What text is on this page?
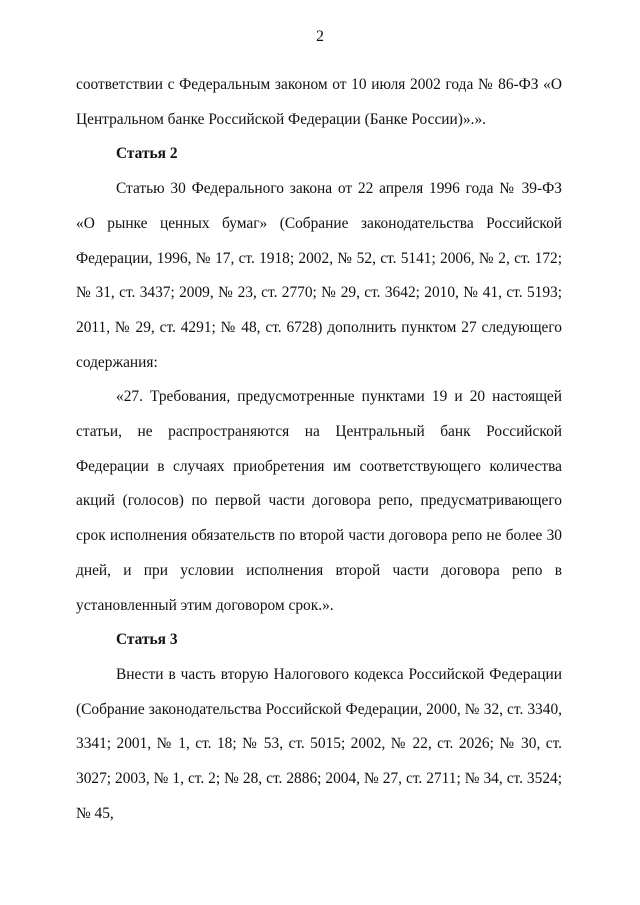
2

соответствии с Федеральным законом от 10 июля 2002 года № 86-ФЗ «О Центральном банке Российской Федерации (Банке России)».».

Статья 2

Статью 30 Федерального закона от 22 апреля 1996 года № 39-ФЗ «О рынке ценных бумаг» (Собрание законодательства Российской Федерации, 1996, № 17, ст. 1918; 2002, № 52, ст. 5141; 2006, № 2, ст. 172; № 31, ст. 3437; 2009, № 23, ст. 2770; № 29, ст. 3642; 2010, № 41, ст. 5193; 2011, № 29, ст. 4291; № 48, ст. 6728) дополнить пунктом 27 следующего содержания:

«27. Требования, предусмотренные пунктами 19 и 20 настоящей статьи, не распространяются на Центральный банк Российской Федерации в случаях приобретения им соответствующего количества акций (голосов) по первой части договора репо, предусматривающего срок исполнения обязательств по второй части договора репо не более 30 дней, и при условии исполнения второй части договора репо в установленный этим договором срок.».

Статья 3

Внести в часть вторую Налогового кодекса Российской Федерации (Собрание законодательства Российской Федерации, 2000, № 32, ст. 3340, 3341; 2001, № 1, ст. 18; № 53, ст. 5015; 2002, № 22, ст. 2026; № 30, ст. 3027; 2003, № 1, ст. 2; № 28, ст. 2886; 2004, № 27, ст. 2711; № 34, ст. 3524; № 45,
